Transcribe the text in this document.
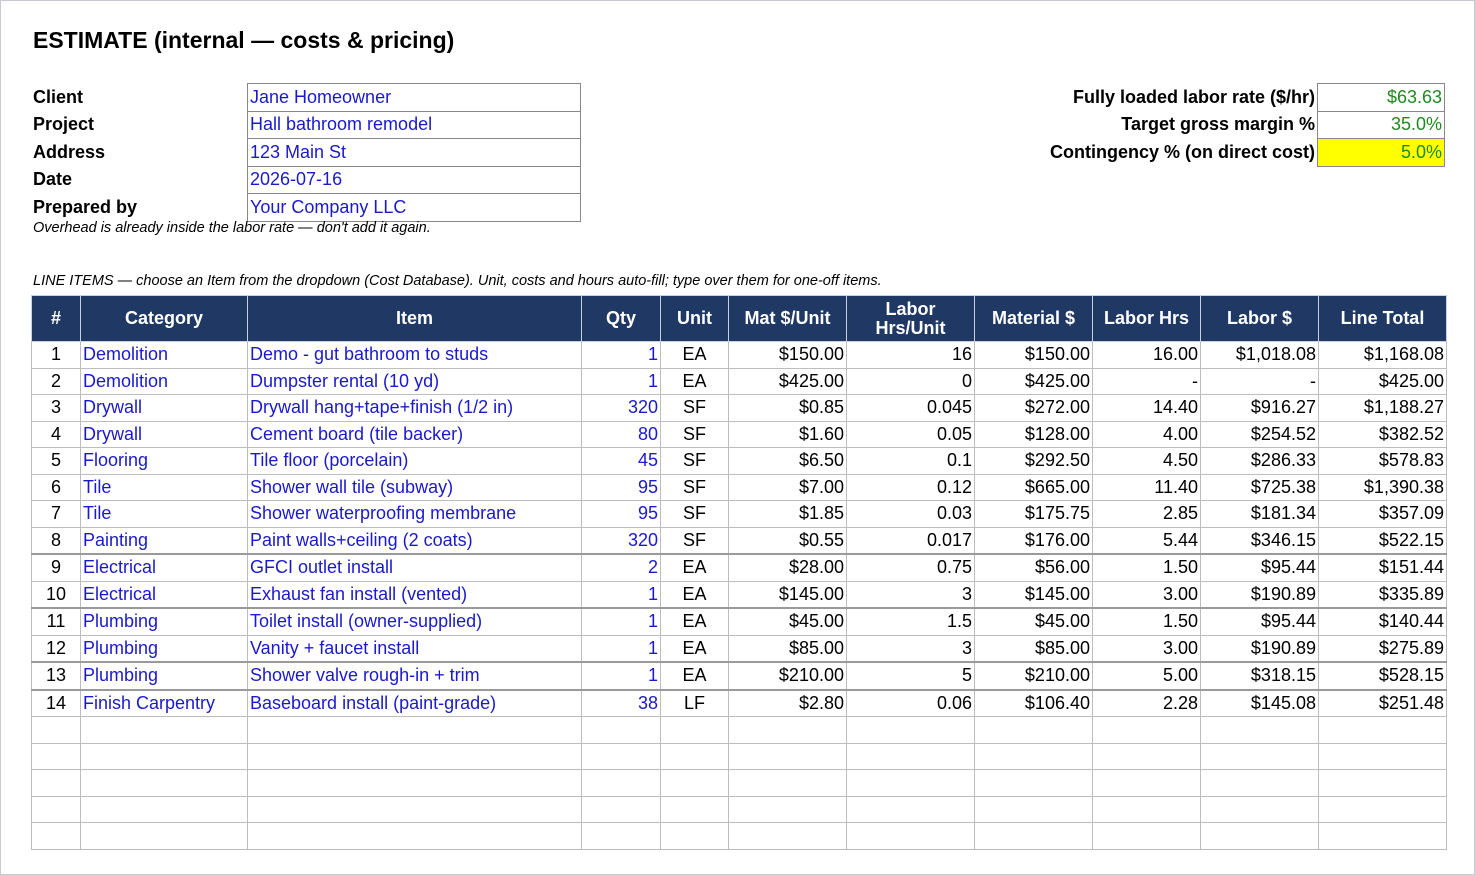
ESTIMATE (internal — costs & pricing)
Client	Jane Homeowner
Project	Hall bathroom remodel
Address	123 Main St
Date	2026-07-16
Prepared by	Your Company LLC
Fully loaded labor rate ($/hr)	$63.63
Target gross margin %	35.0%
Contingency % (on direct cost)	5.0%
Overhead is already inside the labor rate — don't add it again.
LINE ITEMS — choose an Item from the dropdown (Cost Database). Unit, costs and hours auto-fill; type over them for one-off items.
#	Category	Item	Qty	Unit	Mat $/Unit	Labor Hrs/Unit	Material $	Labor Hrs	Labor $	Line Total
1	Demolition	Demo - gut bathroom to studs	1	EA	$150.00	16	$150.00	16.00	$1,018.08	$1,168.08
2	Demolition	Dumpster rental (10 yd)	1	EA	$425.00	0	$425.00	-	-	$425.00
3	Drywall	Drywall hang+tape+finish (1/2 in)	320	SF	$0.85	0.045	$272.00	14.40	$916.27	$1,188.27
4	Drywall	Cement board (tile backer)	80	SF	$1.60	0.05	$128.00	4.00	$254.52	$382.52
5	Flooring	Tile floor (porcelain)	45	SF	$6.50	0.1	$292.50	4.50	$286.33	$578.83
6	Tile	Shower wall tile (subway)	95	SF	$7.00	0.12	$665.00	11.40	$725.38	$1,390.38
7	Tile	Shower waterproofing membrane	95	SF	$1.85	0.03	$175.75	2.85	$181.34	$357.09
8	Painting	Paint walls+ceiling (2 coats)	320	SF	$0.55	0.017	$176.00	5.44	$346.15	$522.15
9	Electrical	GFCI outlet install	2	EA	$28.00	0.75	$56.00	1.50	$95.44	$151.44
10	Electrical	Exhaust fan install (vented)	1	EA	$145.00	3	$145.00	3.00	$190.89	$335.89
11	Plumbing	Toilet install (owner-supplied)	1	EA	$45.00	1.5	$45.00	1.50	$95.44	$140.44
12	Plumbing	Vanity + faucet install	1	EA	$85.00	3	$85.00	3.00	$190.89	$275.89
13	Plumbing	Shower valve rough-in + trim	1	EA	$210.00	5	$210.00	5.00	$318.15	$528.15
14	Finish Carpentry	Baseboard install (paint-grade)	38	LF	$2.80	0.06	$106.40	2.28	$145.08	$251.48
